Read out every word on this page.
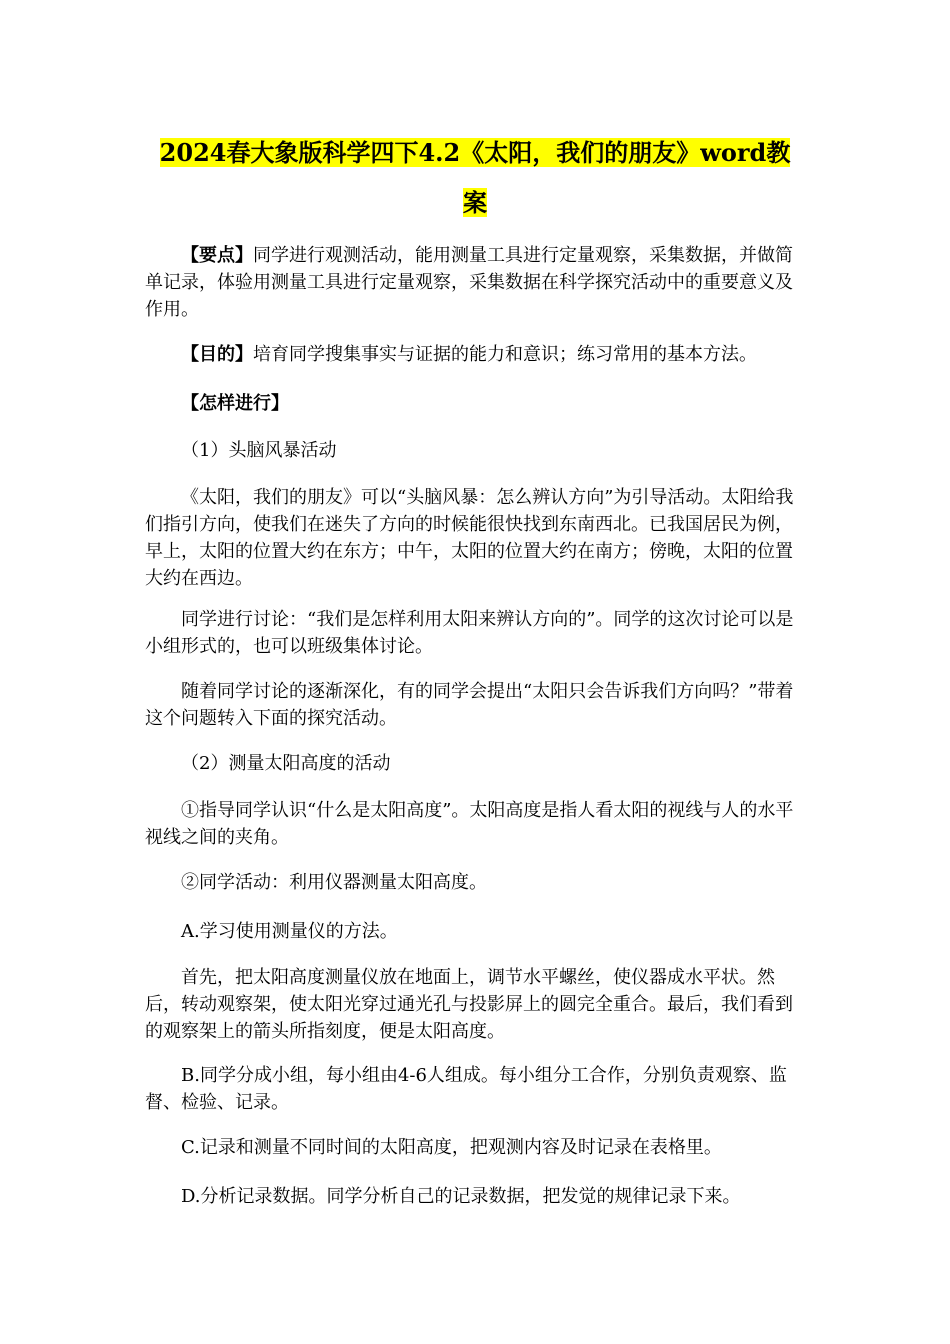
2024春大象版科学四下4.2《太阳，我们的朋友》word教
案

【要点】同学进行观测活动，能用测量工具进行定量观察，采集数据，并做简单记录，体验用测量工具进行定量观察，采集数据在科学探究活动中的重要意义及作用。

【目的】培育同学搜集事实与证据的能力和意识；练习常用的基本方法。

【怎样进行】

（1）头脑风暴活动

《太阳，我们的朋友》可以“头脑风暴：怎么辨认方向”为引导活动。太阳给我们指引方向，使我们在迷失了方向的时候能很快找到东南西北。已我国居民为例，早上，太阳的位置大约在东方；中午，太阳的位置大约在南方；傍晚，太阳的位置大约在西边。

同学进行讨论：“我们是怎样利用太阳来辨认方向的”。同学的这次讨论可以是小组形式的，也可以班级集体讨论。

随着同学讨论的逐渐深化，有的同学会提出“太阳只会告诉我们方向吗？”带着这个问题转入下面的探究活动。

（2）测量太阳高度的活动

①指导同学认识“什么是太阳高度”。太阳高度是指人看太阳的视线与人的水平视线之间的夹角。

②同学活动：利用仪器测量太阳高度。

A.学习使用测量仪的方法。

首先，把太阳高度测量仪放在地面上，调节水平螺丝，使仪器成水平状。然后，转动观察架，使太阳光穿过通光孔与投影屏上的圆完全重合。最后，我们看到的观察架上的箭头所指刻度，便是太阳高度。

B.同学分成小组，每小组由4-6人组成。每小组分工合作，分别负责观察、监督、检验、记录。

C.记录和测量不同时间的太阳高度，把观测内容及时记录在表格里。

D.分析记录数据。同学分析自己的记录数据，把发觉的规律记录下来。
